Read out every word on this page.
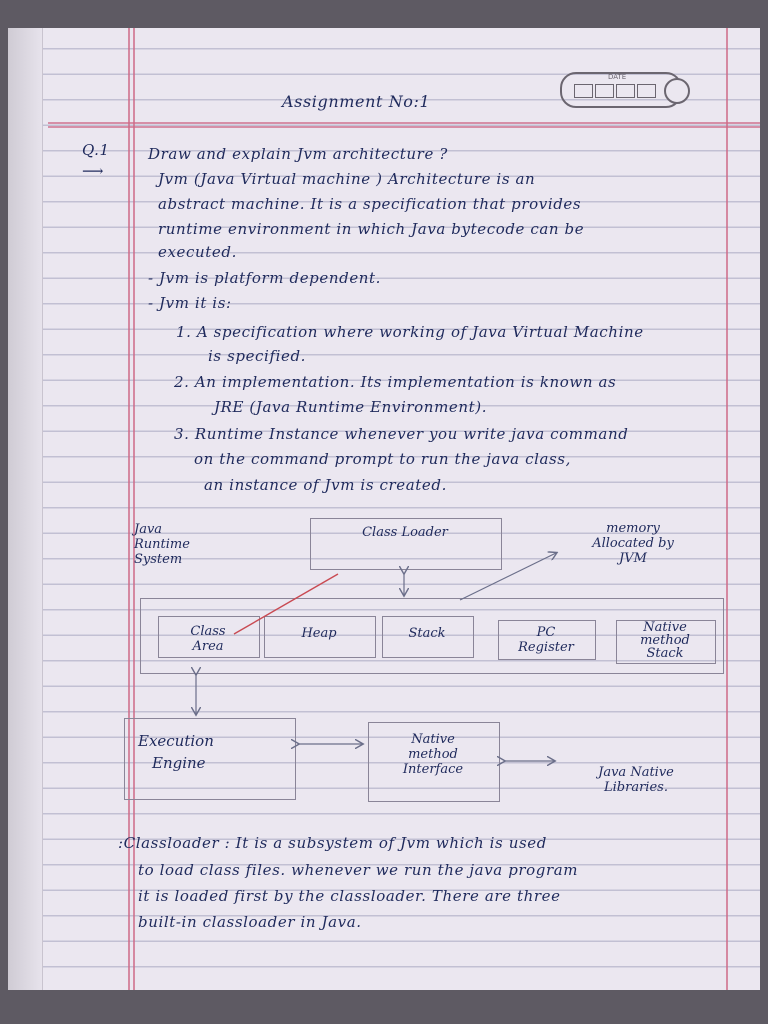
DATE
Assignment No:1
Q.1
⟶
Draw and explain Jvm architecture ?
Jvm (Java Virtual machine ) Architecture is an
abstract machine. It is a specification that provides
runtime environment in which Java bytecode can be
executed.
- Jvm is platform dependent.
- Jvm it is:
1. A specification where working of Java Virtual Machine
is specified.
2. An implementation. Its implementation is known as
JRE (Java Runtime Environment).
3. Runtime Instance whenever you write java command
on the command prompt to run the java class,
an instance of Jvm is created.
Java
Runtime
System
Class Loader	memory
Allocated by
JVM
Class
Area
Heap	Stack	PC
Register
Native
method
Stack
Execution
Engine
Native
method
Interface	Java Native
Libraries.
:Classloader : It is a subsystem of Jvm which is used
to load class files. whenever we run the java program
it is loaded first by the classloader. There are three
built-in classloader in Java.
